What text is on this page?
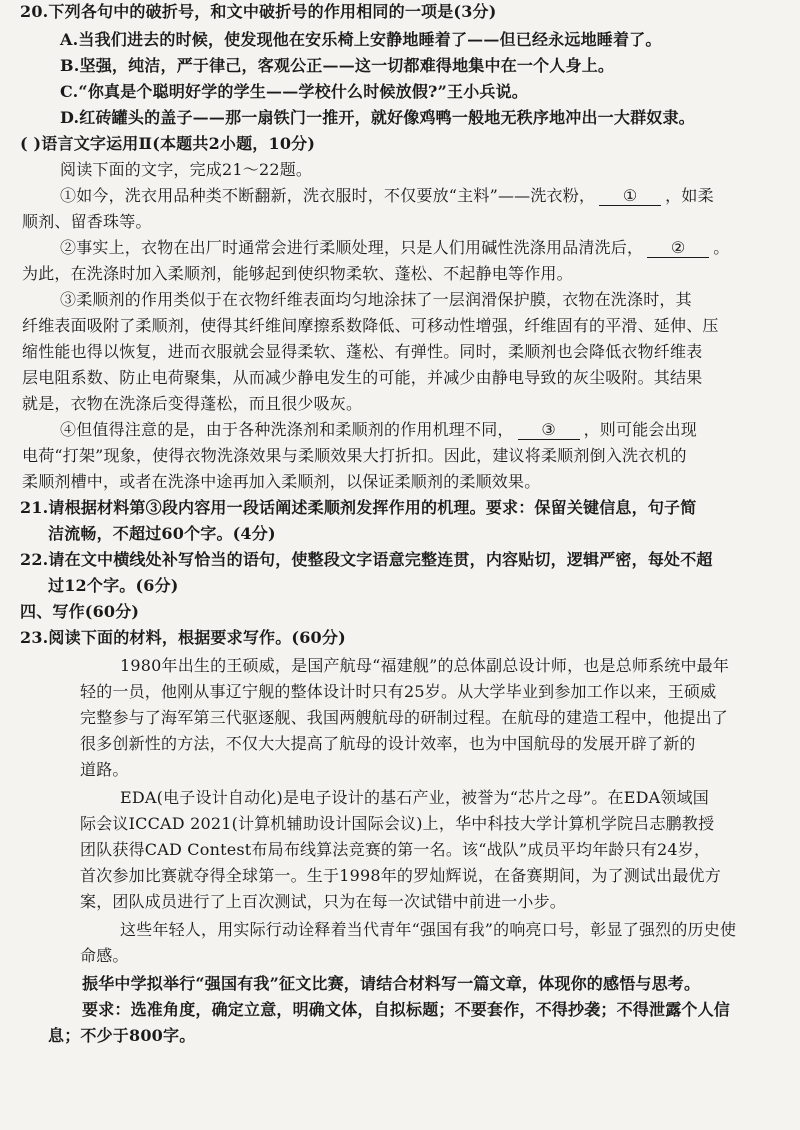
20.下列各句中的破折号，和文中破折号的作用相同的一项是(3分)
A.当我们进去的时候，使发现他在安乐椅上安静地睡着了——但已经永远地睡着了。
B.坚强，纯洁，严于律己，客观公正——这一切都难得地集中在一个人身上。
C.“你真是个聪明好学的学生——学校什么时候放假?”王小兵说。
D.红砖罐头的盖子——那一扇铁门一推开，就好像鸡鸭一般地无秩序地冲出一大群奴隶。
( )语言文字运用Ⅱ(本题共2小题，10分)
阅读下面的文字，完成21～22题。
①如今，洗衣用品种类不断翻新，洗衣服时，不仅要放“主料”——洗衣粉， ① ，如柔
顺剂、留香珠等。
②事实上，衣物在出厂时通常会进行柔顺处理，只是人们用碱性洗涤用品清洗后， ② 。
为此，在洗涤时加入柔顺剂，能够起到使织物柔软、蓬松、不起静电等作用。
③柔顺剂的作用类似于在衣物纤维表面均匀地涂抹了一层润滑保护膜，衣物在洗涤时，其
纤维表面吸附了柔顺剂，使得其纤维间摩擦系数降低、可移动性增强，纤维固有的平滑、延伸、压
缩性能也得以恢复，进而衣服就会显得柔软、蓬松、有弹性。同时，柔顺剂也会降低衣物纤维表
层电阻系数、防止电荷聚集，从而减少静电发生的可能，并减少由静电导致的灰尘吸附。其结果
就是，衣物在洗涤后变得蓬松，而且很少吸灰。
④但值得注意的是，由于各种洗涤剂和柔顺剂的作用机理不同， ③ ，则可能会出现
电荷“打架”现象，使得衣物洗涤效果与柔顺效果大打折扣。因此，建议将柔顺剂倒入洗衣机的
柔顺剂槽中，或者在洗涤中途再加入柔顺剂，以保证柔顺剂的柔顺效果。
21.请根据材料第③段内容用一段话阐述柔顺剂发挥作用的机理。要求：保留关键信息，句子简
洁流畅，不超过60个字。(4分)
22.请在文中横线处补写恰当的语句，使整段文字语意完整连贯，内容贴切，逻辑严密，每处不超
过12个字。(6分)
四、写作(60分)
23.阅读下面的材料，根据要求写作。(60分)
1980年出生的王硕威，是国产航母“福建舰”的总体副总设计师，也是总师系统中最年
轻的一员，他刚从事辽宁舰的整体设计时只有25岁。从大学毕业到参加工作以来，王硕威
完整参与了海军第三代驱逐舰、我国两艘航母的研制过程。在航母的建造工程中，他提出了
很多创新性的方法，不仅大大提高了航母的设计效率，也为中国航母的发展开辟了新的
道路。
EDA(电子设计自动化)是电子设计的基石产业，被誉为“芯片之母”。在EDA领域国
际会议ICCAD 2021(计算机辅助设计国际会议)上，华中科技大学计算机学院吕志鹏教授
团队获得CAD Contest布局布线算法竞赛的第一名。该“战队”成员平均年龄只有24岁，
首次参加比赛就夺得全球第一。生于1998年的罗灿辉说，在备赛期间，为了测试出最优方
案，团队成员进行了上百次测试，只为在每一次试错中前进一小步。
这些年轻人，用实际行动诠释着当代青年“强国有我”的响亮口号，彰显了强烈的历史使
命感。
振华中学拟举行“强国有我”征文比赛，请结合材料写一篇文章，体现你的感悟与思考。
要求：选准角度，确定立意，明确文体，自拟标题；不要套作，不得抄袭；不得泄露个人信
息；不少于800字。
